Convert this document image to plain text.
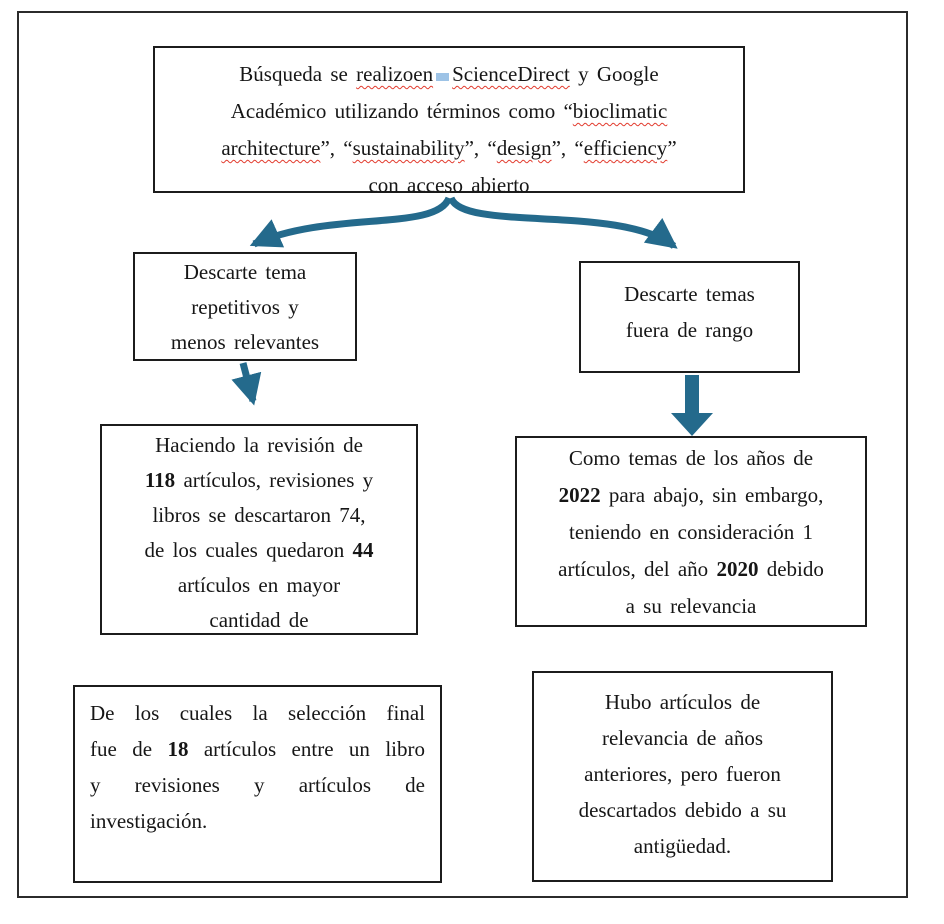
Búsqueda se realizoen ScienceDirect y Google
Académico utilizando términos como “bioclimatic
architecture”, “sustainability”, “design”, “efficiency”
con acceso abierto
Descarte tema
repetitivos y
menos relevantes
Descarte temas
fuera de rango
Haciendo la revisión de
118 artículos, revisiones y
libros se descartaron 74,
de los cuales quedaron 44
artículos en mayor
cantidad de
Como temas de los años de
2022 para abajo, sin embargo,
teniendo en consideración 1
artículos, del año 2020 debido
a su relevancia
De los cuales la selección final
fue de 18 artículos entre un libro
y revisiones y artículos de
investigación.
Hubo artículos de
relevancia de años
anteriores, pero fueron
descartados debido a su
antigüedad.
